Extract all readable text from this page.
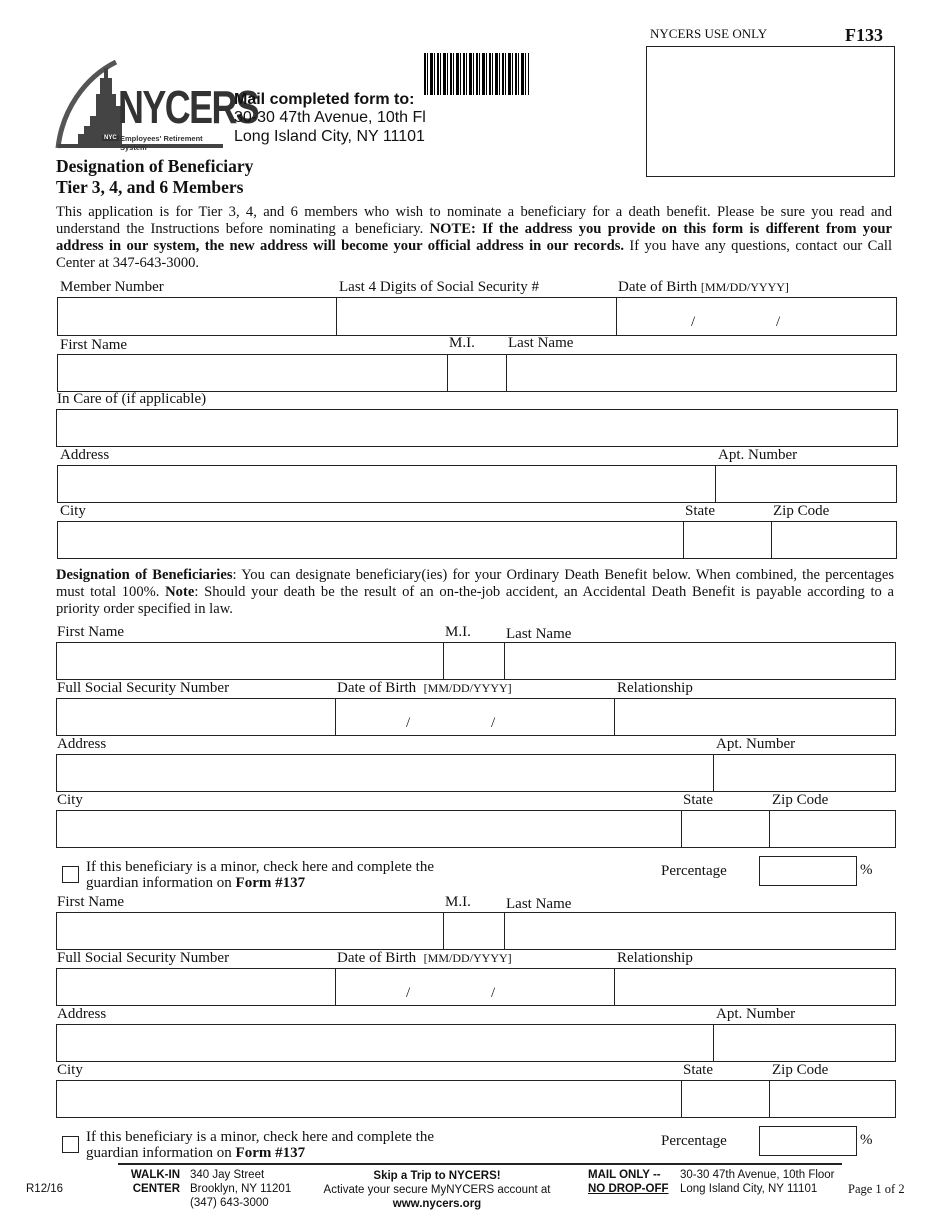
NYCERS
NYC Employees' Retirement System
Mail completed form to:
30-30 47th Avenue, 10th Fl
Long Island City, NY 11101
NYCERS USE ONLY	F133
Designation of Beneficiary
Tier 3, 4, and 6 Members
This application is for Tier 3, 4, and 6 members who wish to nominate a beneficiary for a death benefit. Please be sure you read and understand the Instructions before nominating a beneficiary. NOTE: If the address you provide on this form is different from your address in our system, the new address will become your official address in our records. If you have any questions, contact our Call Center at 347-643-3000.
Member Number	Last 4 Digits of Social Security #	Date of Birth [MM/DD/YYYY]
/	/
First Name	M.I. Last Name
In Care of (if applicable)
Address	Apt. Number
City	State	Zip Code
Designation of Beneficiaries: You can designate beneficiary(ies) for your Ordinary Death Benefit below. When combined, the percentages must total 100%. Note: Should your death be the result of an on-the-job accident, an Accidental Death Benefit is payable according to a priority order specified in law.
First Name	M.I. Last Name
Full Social Security Number	Date of Birth [MM/DD/YYYY]	Relationship
/	/
Address	Apt. Number
City	State	Zip Code
If this beneficiary is a minor, check here and complete the
guardian information on Form #137
Percentage	%
First Name	M.I. Last Name
Full Social Security Number	Date of Birth [MM/DD/YYYY]	Relationship
/	/
Address	Apt. Number
City	State	Zip Code
If this beneficiary is a minor, check here and complete the
guardian information on Form #137
Percentage	%
R12/16
WALK-IN
CENTER
340 Jay Street
Brooklyn, NY 11201
(347) 643-3000
Skip a Trip to NYCERS!
Activate your secure MyNYCERS account at
www.nycers.org
MAIL ONLY --
NO DROP-OFF
30-30 47th Avenue, 10th Floor
Long Island City, NY 11101	Page 1 of 2
